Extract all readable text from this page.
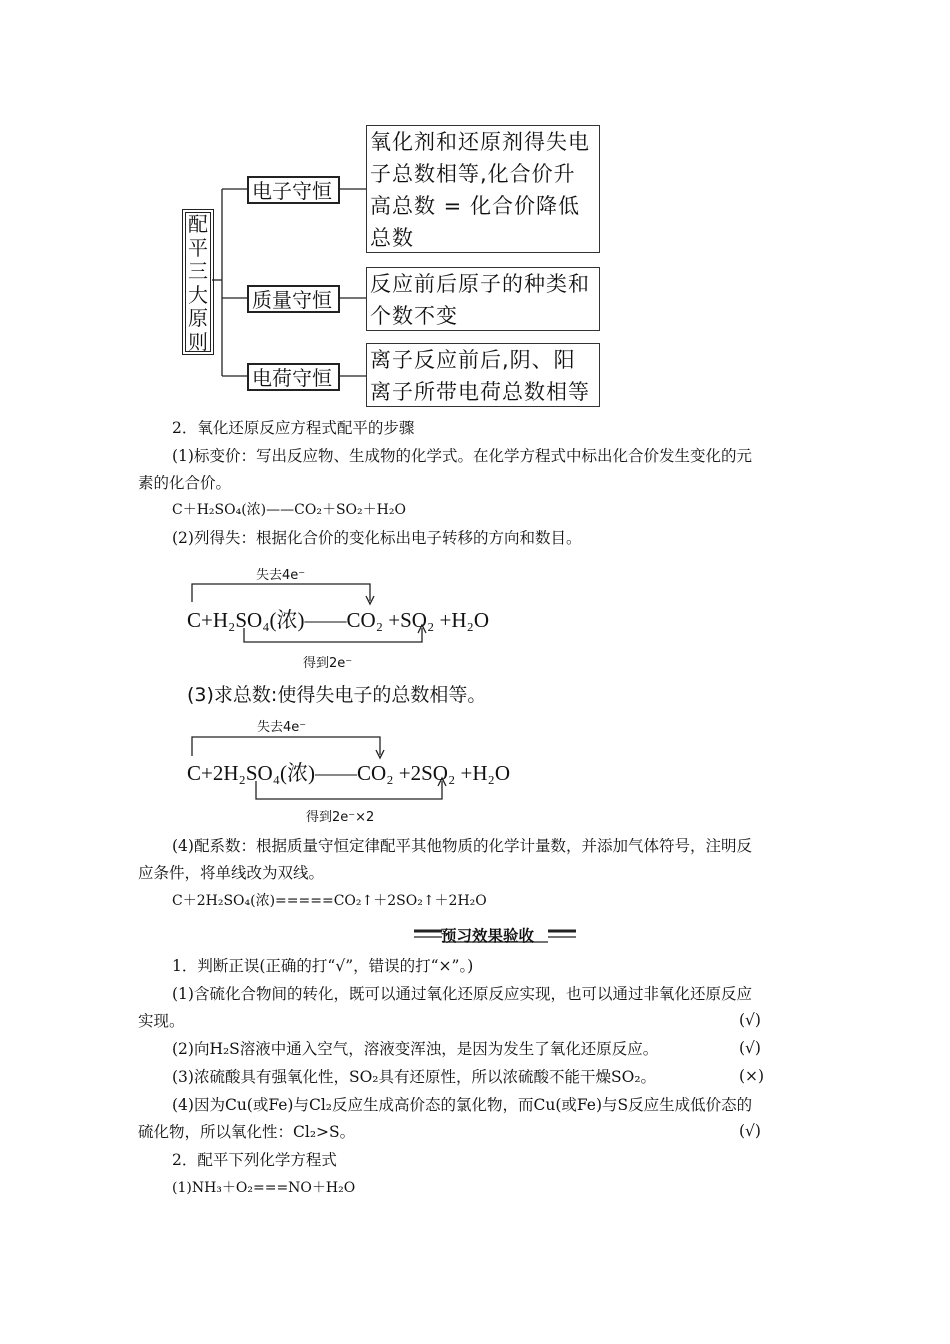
配平三大原则
电子守恒
质量守恒
电荷守恒
氧化剂和还原剂得失电子总数相等,化合价升高总数 = 化合价降低总数
反应前后原子的种类和个数不变
离子反应前后,阴、阳离子所带电荷总数相等
2．氧化还原反应方程式配平的步骤
(1)标变价：写出反应物、生成物的化学式。在化学方程式中标出化合价发生变化的元
素的化合价。
C＋H₂SO₄(浓)——CO₂＋SO₂＋H₂O
(2)列得失：根据化合价的变化标出电子转移的方向和数目。
失去4e⁻
C+H₂SO₄(浓)——CO₂ +SO₂ +H₂O
得到2e⁻
(3)求总数:使得失电子的总数相等。
失去4e⁻
C+2H₂SO₄(浓)——CO₂ +2SO₂ +H₂O
得到2e⁻×2
(4)配系数：根据质量守恒定律配平其他物质的化学计量数，并添加气体符号，注明反
应条件，将单线改为双线。
C＋2H₂SO₄(浓)=====CO₂↑＋2SO₂↑＋2H₂O
预习效果验收
1．判断正误(正确的打“√”，错误的打“×”。)
(1)含硫化合物间的转化，既可以通过氧化还原反应实现，也可以通过非氧化还原反应
实现。	(√)
(2)向H₂S溶液中通入空气，溶液变浑浊，是因为发生了氧化还原反应。	(√)
(3)浓硫酸具有强氧化性，SO₂具有还原性，所以浓硫酸不能干燥SO₂。	(×)
(4)因为Cu(或Fe)与Cl₂反应生成高价态的氯化物，而Cu(或Fe)与S反应生成低价态的
硫化物，所以氧化性：Cl₂>S。	(√)
2．配平下列化学方程式
(1)NH₃＋O₂===NO＋H₂O
